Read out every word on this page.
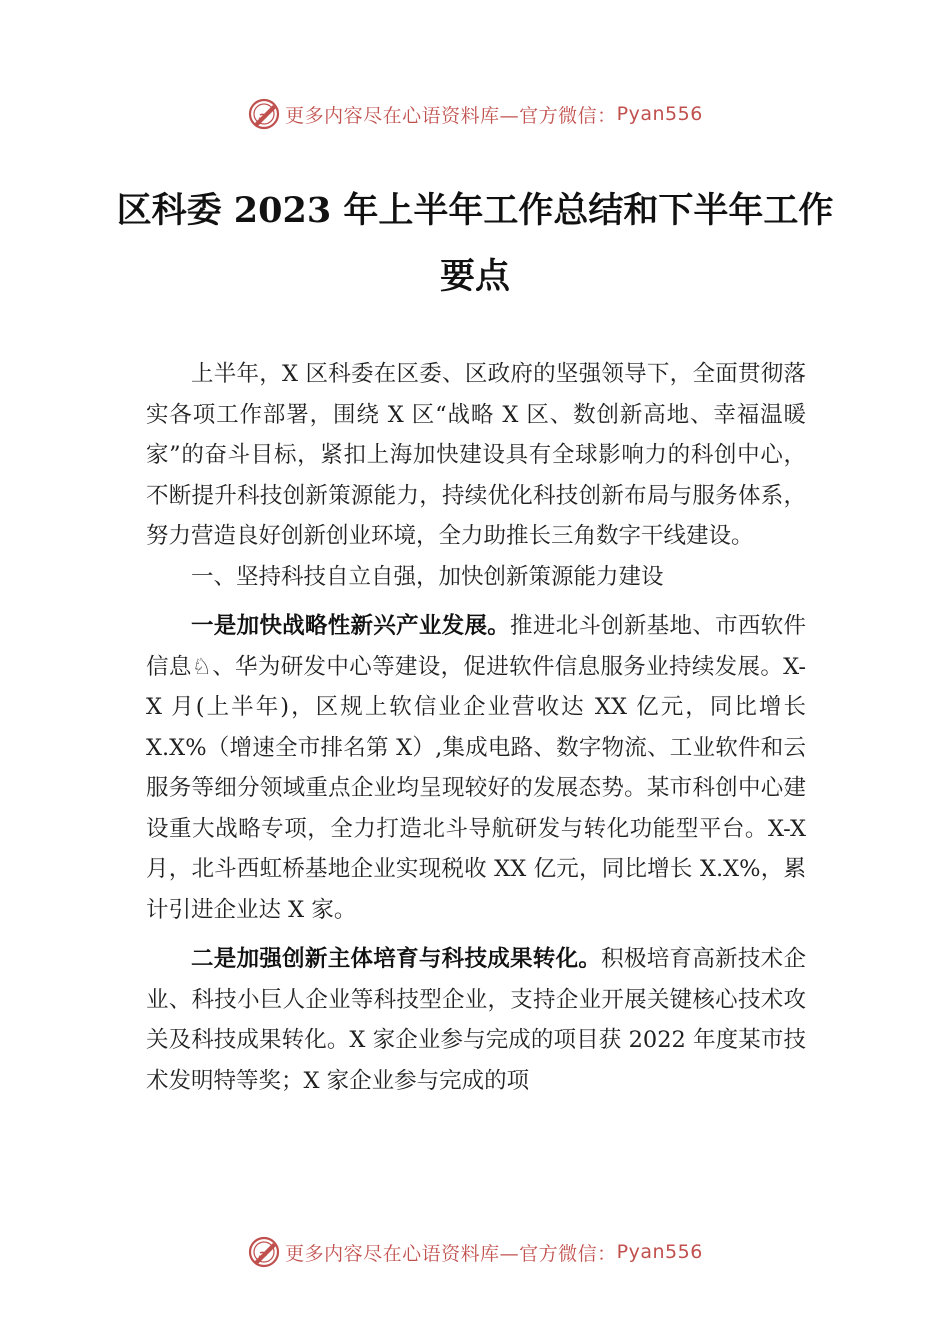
更多内容尽在心语资料库—官方微信： Pyan556
区科委 2023 年上半年工作总结和下半年工作要点

上半年，X 区科委在区委、区政府的坚强领导下，全面贯彻落实各项工作部署，围绕 X 区“战略 X 区、数创新高地、幸福温暖家”的奋斗目标，紧扣上海加快建设具有全球影响力的科创中心，不断提升科技创新策源能力，持续优化科技创新布局与服务体系，努力营造良好创新创业环境，全力助推长三角数字干线建设。

一、坚持科技自立自强，加快创新策源能力建设

一是加快战略性新兴产业发展。推进北斗创新基地、市西软件信息♘、华为研发中心等建设，促进软件信息服务业持续发展。X-X 月(上半年)，区规上软信业企业营收达 XX 亿元，同比增长 X.X%（增速全市排名第 X）,集成电路、数字物流、工业软件和云服务等细分领域重点企业均呈现较好的发展态势。某市科创中心建设重大战略专项，全力打造北斗导航研发与转化功能型平台。X-X 月，北斗西虹桥基地企业实现税收 XX 亿元，同比增长 X.X%，累计引进企业达 X 家。

二是加强创新主体培育与科技成果转化。积极培育高新技术企业、科技小巨人企业等科技型企业，支持企业开展关键核心技术攻关及科技成果转化。X 家企业参与完成的项目获 2022 年度某市技术发明特等奖；X 家企业参与完成的项

更多内容尽在心语资料库—官方微信： Pyan556
